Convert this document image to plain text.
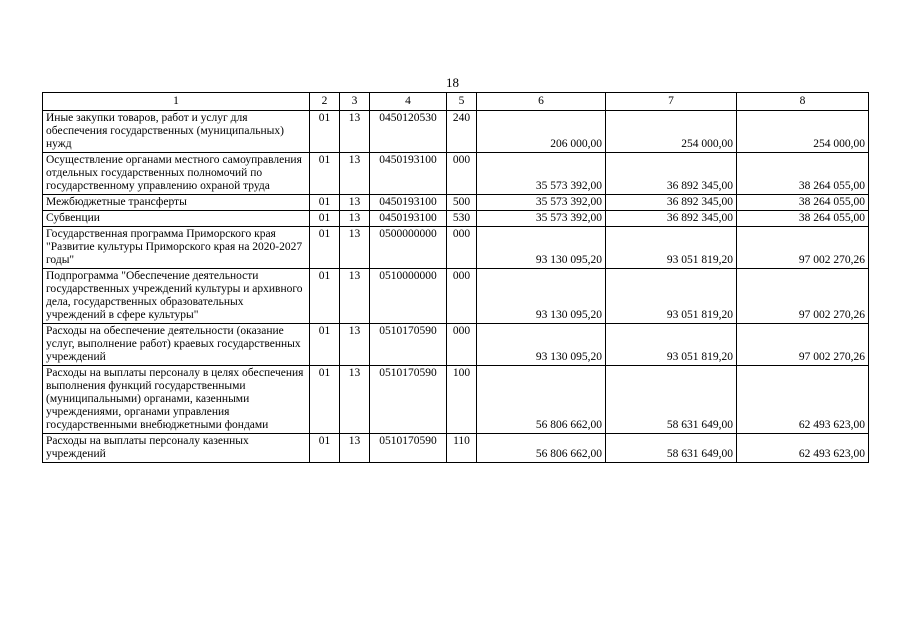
18
1	2	3	4	5	6	7	8
Иные закупки товаров, работ и услуг для обеспечения государственных (муниципальных) нужд	01	13	0450120530	240	206 000,00	254 000,00	254 000,00
Осуществление органами местного самоуправления отдельных государственных полномочий по государственному управлению охраной труда	01	13	0450193100	000	35 573 392,00	36 892 345,00	38 264 055,00
Межбюджетные трансферты	01	13	0450193100	500	35 573 392,00	36 892 345,00	38 264 055,00
Субвенции	01	13	0450193100	530	35 573 392,00	36 892 345,00	38 264 055,00
Государственная программа Приморского края "Развитие культуры Приморского края на 2020-2027 годы"	01	13	0500000000	000	93 130 095,20	93 051 819,20	97 002 270,26
Подпрограмма "Обеспечение деятельности государственных учреждений культуры и архивного дела, государственных образовательных учреждений в сфере культуры"	01	13	0510000000	000	93 130 095,20	93 051 819,20	97 002 270,26
Расходы на обеспечение деятельности (оказание услуг, выполнение работ) краевых государственных учреждений	01	13	0510170590	000	93 130 095,20	93 051 819,20	97 002 270,26
Расходы на выплаты персоналу в целях обеспечения выполнения функций государственными (муниципальными) органами, казенными учреждениями, органами управления государственными внебюджетными фондами	01	13	0510170590	100	56 806 662,00	58 631 649,00	62 493 623,00
Расходы на выплаты персоналу казенных учреждений	01	13	0510170590	110	56 806 662,00	58 631 649,00	62 493 623,00
